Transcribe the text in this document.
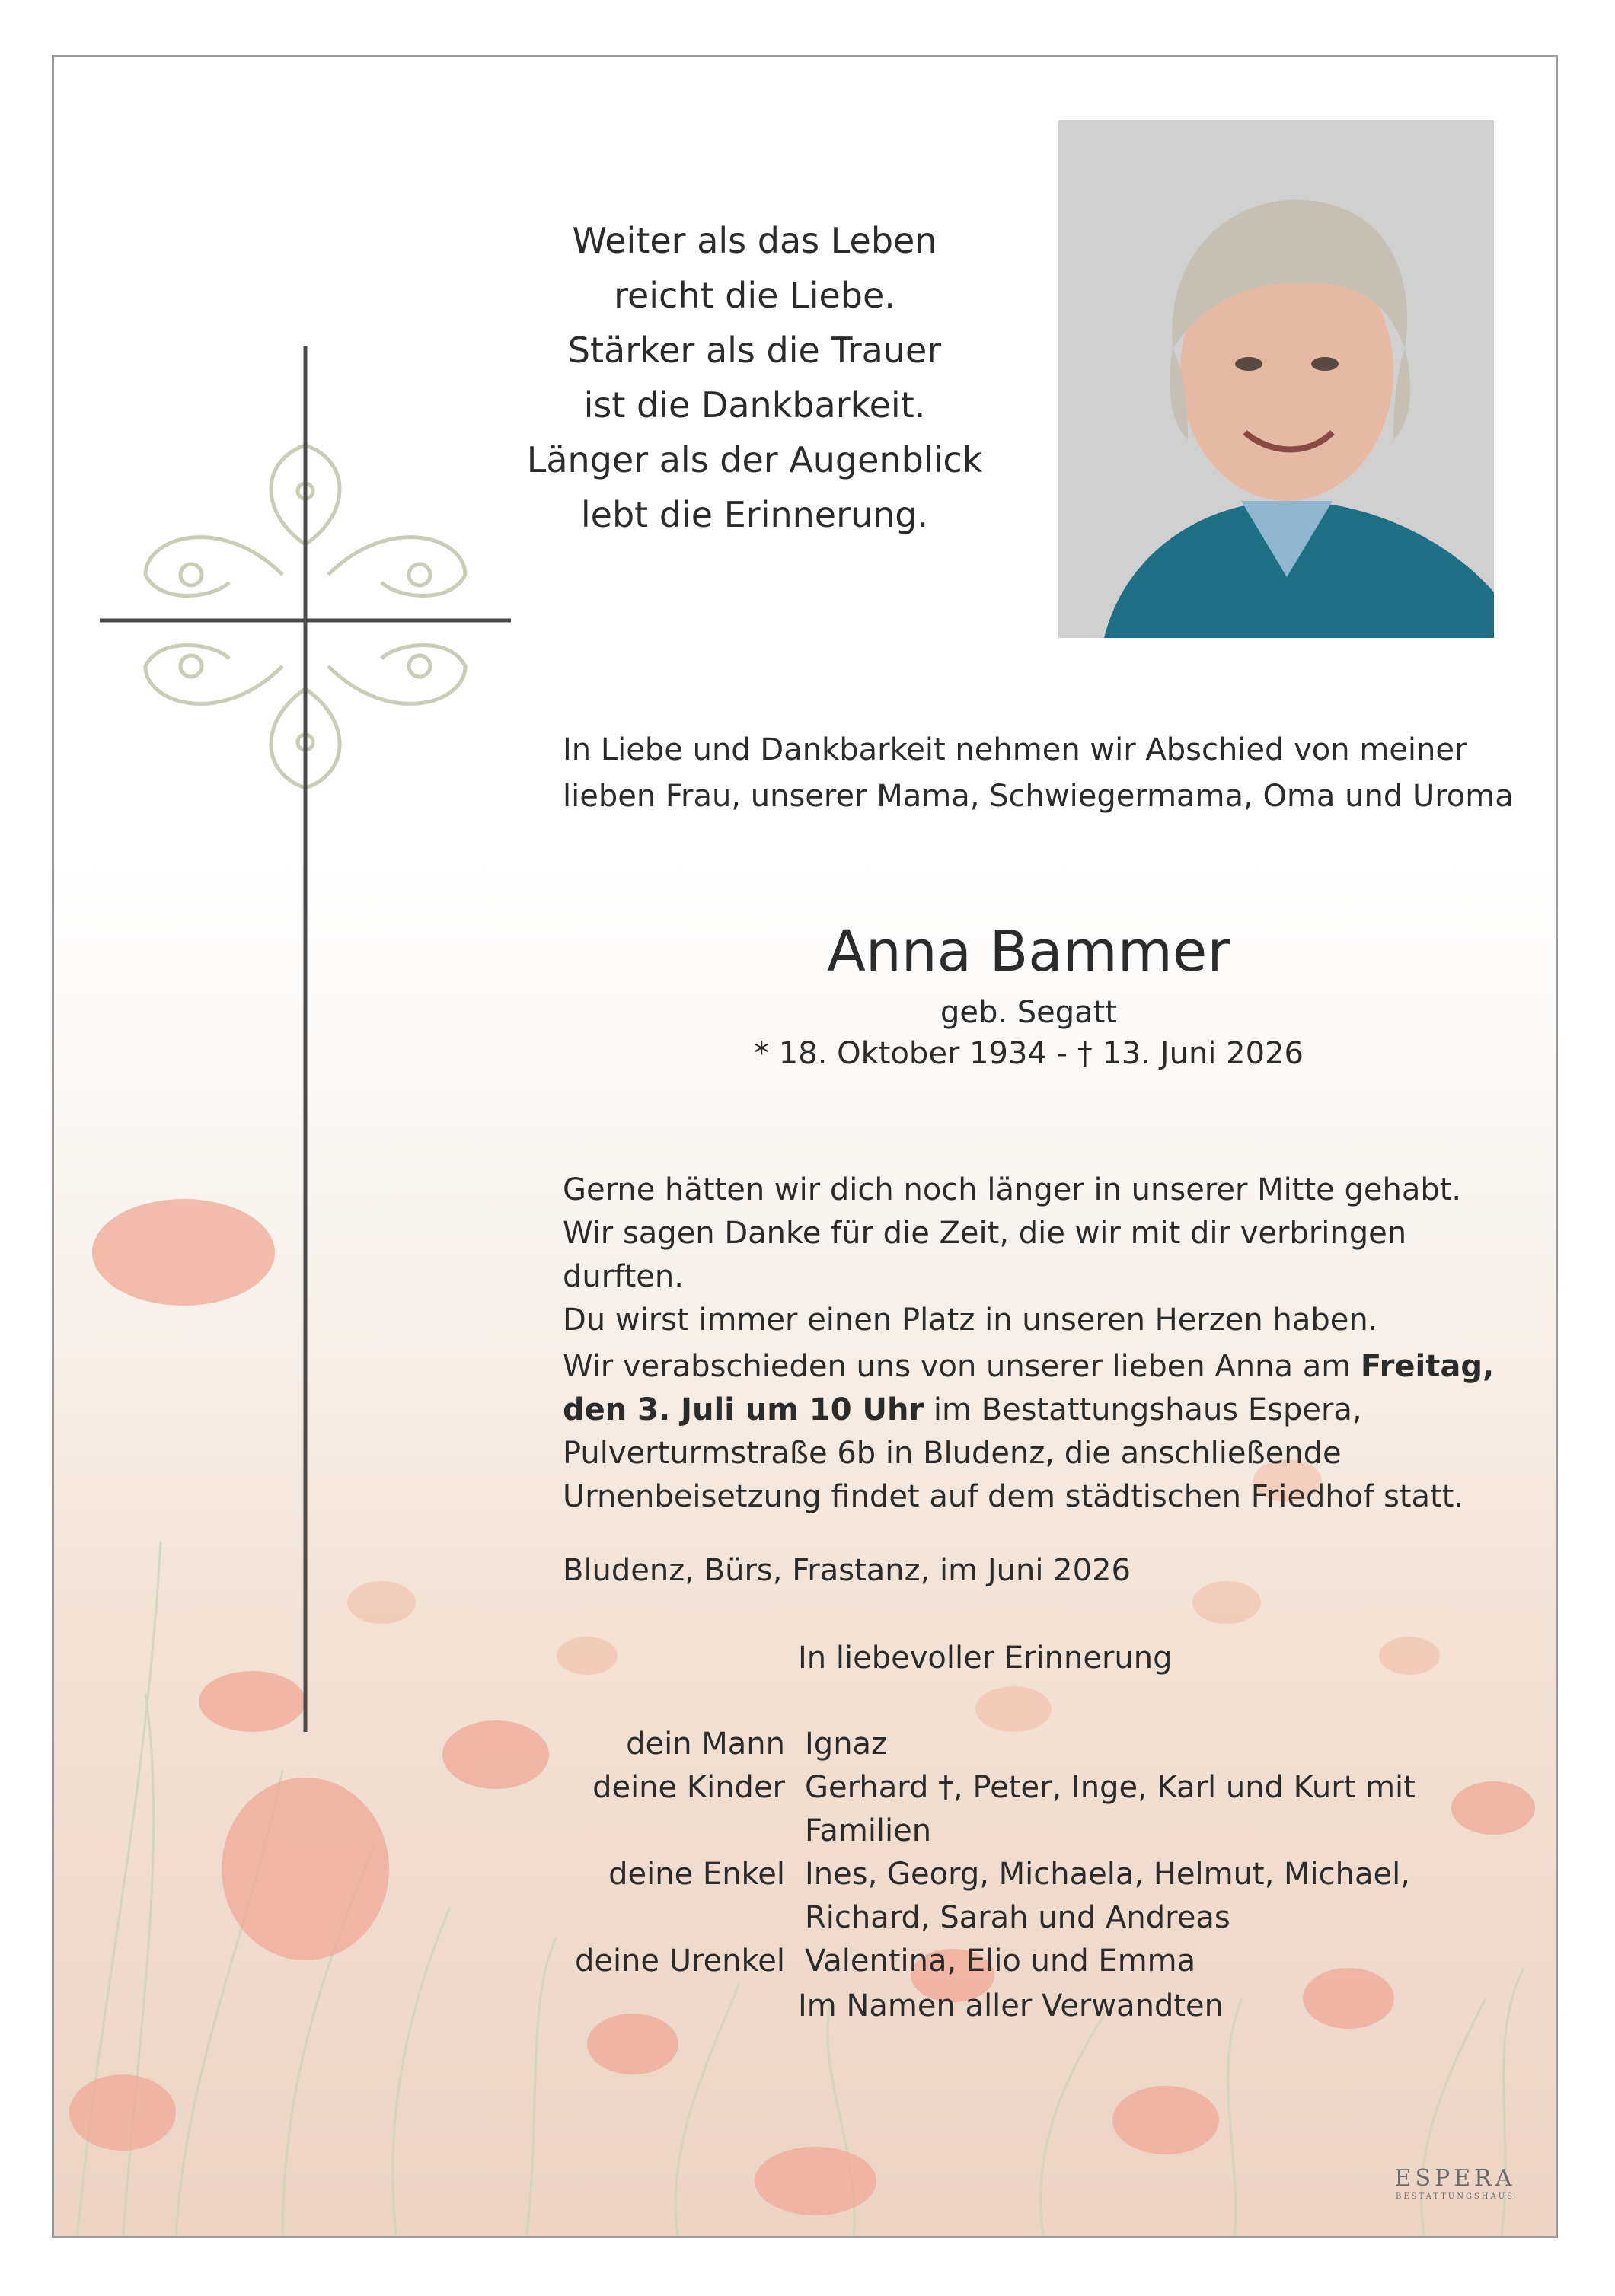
Weiter als das Leben
reicht die Liebe.
Stärker als die Trauer
ist die Dankbarkeit.
Länger als der Augenblick
lebt die Erinnerung.
In Liebe und Dankbarkeit nehmen wir Abschied von meiner
lieben Frau, unserer Mama, Schwiegermama, Oma und Uroma
Anna Bammer
geb. Segatt
* 18. Oktober 1934 - † 13. Juni 2026
Gerne hätten wir dich noch länger in unserer Mitte gehabt.
Wir sagen Danke für die Zeit, die wir mit dir verbringen durften.
Du wirst immer einen Platz in unseren Herzen haben.
Wir verabschieden uns von unserer lieben Anna am Freitag,
den 3. Juli um 10 Uhr im Bestattungshaus Espera,
Pulverturmstraße 6b in Bludenz, die anschließende
Urnenbeisetzung findet auf dem städtischen Friedhof statt.
Bludenz, Bürs, Frastanz, im Juni 2026
In liebevoller Erinnerung
dein Mann	Ignaz
deine Kinder	Gerhard †, Peter, Inge, Karl und Kurt mit Familien
deine Enkel	Ines, Georg, Michaela, Helmut, Michael,
	Richard, Sarah und Andreas
deine Urenkel	Valentina, Elio und Emma
Im Namen aller Verwandten
ESPERA
BESTATTUNGSHAUS
